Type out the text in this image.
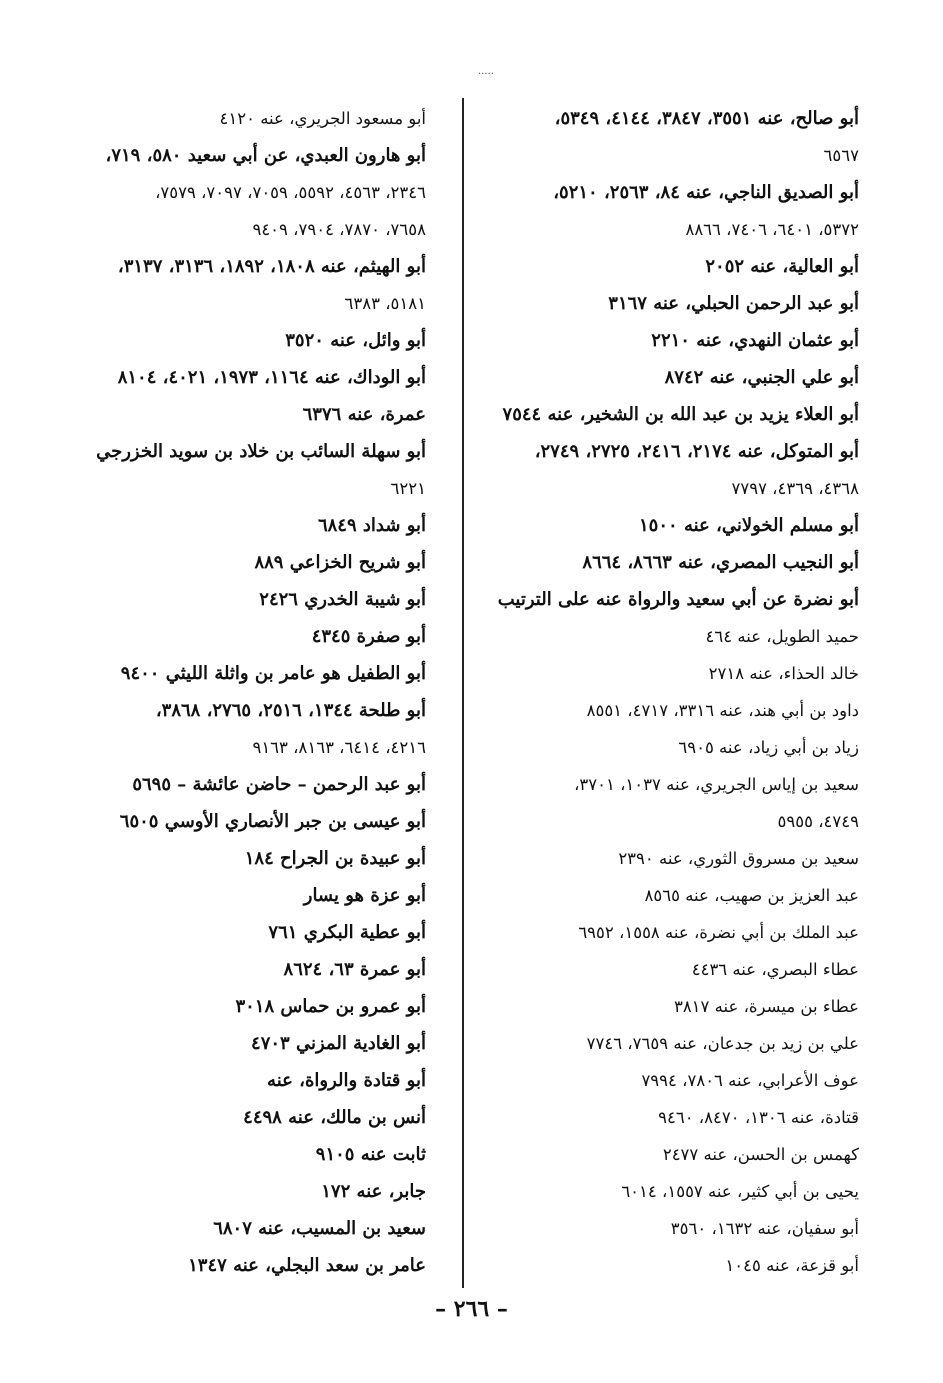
.....
أبو صالح، عنه ٣٥٥١، ٣٨٤٧، ٤١٤٤، ٥٣٤٩،
٦٥٦٧
أبو الصديق الناجي، عنه ٨٤، ٢٥٦٣، ٥٢١٠،
٥٣٧٢، ٦٤٠١، ٧٤٠٦، ٨٨٦٦
أبو العالية، عنه ٢٠٥٢
أبو عبد الرحمن الحبلي، عنه ٣١٦٧
أبو عثمان النهدي، عنه ٢٢١٠
أبو علي الجنبي، عنه ٨٧٤٢
أبو العلاء يزيد بن عبد الله بن الشخير، عنه ٧٥٤٤
أبو المتوكل، عنه ٢١٧٤، ٢٤١٦، ٢٧٢٥، ٢٧٤٩،
٤٣٦٨، ٤٣٦٩، ٧٧٩٧
أبو مسلم الخولاني، عنه ١٥٠٠
أبو النجيب المصري، عنه ٨٦٦٣، ٨٦٦٤
أبو نضرة عن أبي سعيد والرواة عنه على الترتيب
حميد الطويل، عنه ٤٦٤
خالد الحذاء، عنه ٢٧١٨
داود بن أبي هند، عنه ٣٣١٦، ٤٧١٧، ٨٥٥١
زياد بن أبي زياد، عنه ٦٩٠٥
سعيد بن إياس الجريري، عنه ١٠٣٧، ٣٧٠١،
٤٧٤٩، ٥٩٥٥
سعيد بن مسروق الثوري، عنه ٢٣٩٠
عبد العزيز بن صهيب، عنه ٨٥٦٥
عبد الملك بن أبي نضرة، عنه ١٥٥٨، ٦٩٥٢
عطاء البصري، عنه ٤٤٣٦
عطاء بن ميسرة، عنه ٣٨١٧
علي بن زيد بن جدعان، عنه ٧٦٥٩، ٧٧٤٦
عوف الأعرابي، عنه ٧٨٠٦، ٧٩٩٤
قتادة، عنه ١٣٠٦، ٨٤٧٠، ٩٤٦٠
كهمس بن الحسن، عنه ٢٤٧٧
يحيى بن أبي كثير، عنه ١٥٥٧، ٦٠١٤
أبو سفيان، عنه ١٦٣٢، ٣٥٦٠
أبو قزعة، عنه ١٠٤٥
أبو مسعود الجريري، عنه ٤١٢٠
أبو هارون العبدي، عن أبي سعيد ٥٨٠، ٧١٩،
٢٣٤٦، ٤٥٦٣، ٥٥٩٢، ٧٠٥٩، ٧٠٩٧، ٧٥٧٩،
٧٦٥٨، ٧٨٧٠، ٧٩٠٤، ٩٤٠٩
أبو الهيثم، عنه ١٨٠٨، ١٨٩٢، ٣١٣٦، ٣١٣٧،
٥١٨١، ٦٣٨٣
أبو وائل، عنه ٣٥٢٠
أبو الوداك، عنه ١١٦٤، ١٩٧٣، ٤٠٢١، ٨١٠٤
عمرة، عنه ٦٣٧٦
أبو سهلة السائب بن خلاد بن سويد الخزرجي
٦٢٢١
أبو شداد ٦٨٤٩
أبو شريح الخزاعي ٨٨٩
أبو شيبة الخدري ٢٤٢٦
أبو صفرة ٤٣٤٥
أبو الطفيل هو عامر بن واثلة الليثي ٩٤٠٠
أبو طلحة ١٣٤٤، ٢٥١٦، ٢٧٦٥، ٣٨٦٨،
٤٢١٦، ٦٤١٤، ٨١٦٣، ٩١٦٣
أبو عبد الرحمن – حاضن عائشة – ٥٦٩٥
أبو عيسى بن جبر الأنصاري الأوسي ٦٥٠٥
أبو عبيدة بن الجراح ١٨٤
أبو عزة هو يسار
أبو عطية البكري ٧٦١
أبو عمرة ٦٣، ٨٦٢٤
أبو عمرو بن حماس ٣٠١٨
أبو الغادية المزني ٤٧٠٣
أبو قتادة والرواة، عنه
أنس بن مالك، عنه ٤٤٩٨
ثابت عنه ٩١٠٥
جابر، عنه ١٧٢
سعيد بن المسيب، عنه ٦٨٠٧
عامر بن سعد البجلي، عنه ١٣٤٧
– ٢٦٦ –
